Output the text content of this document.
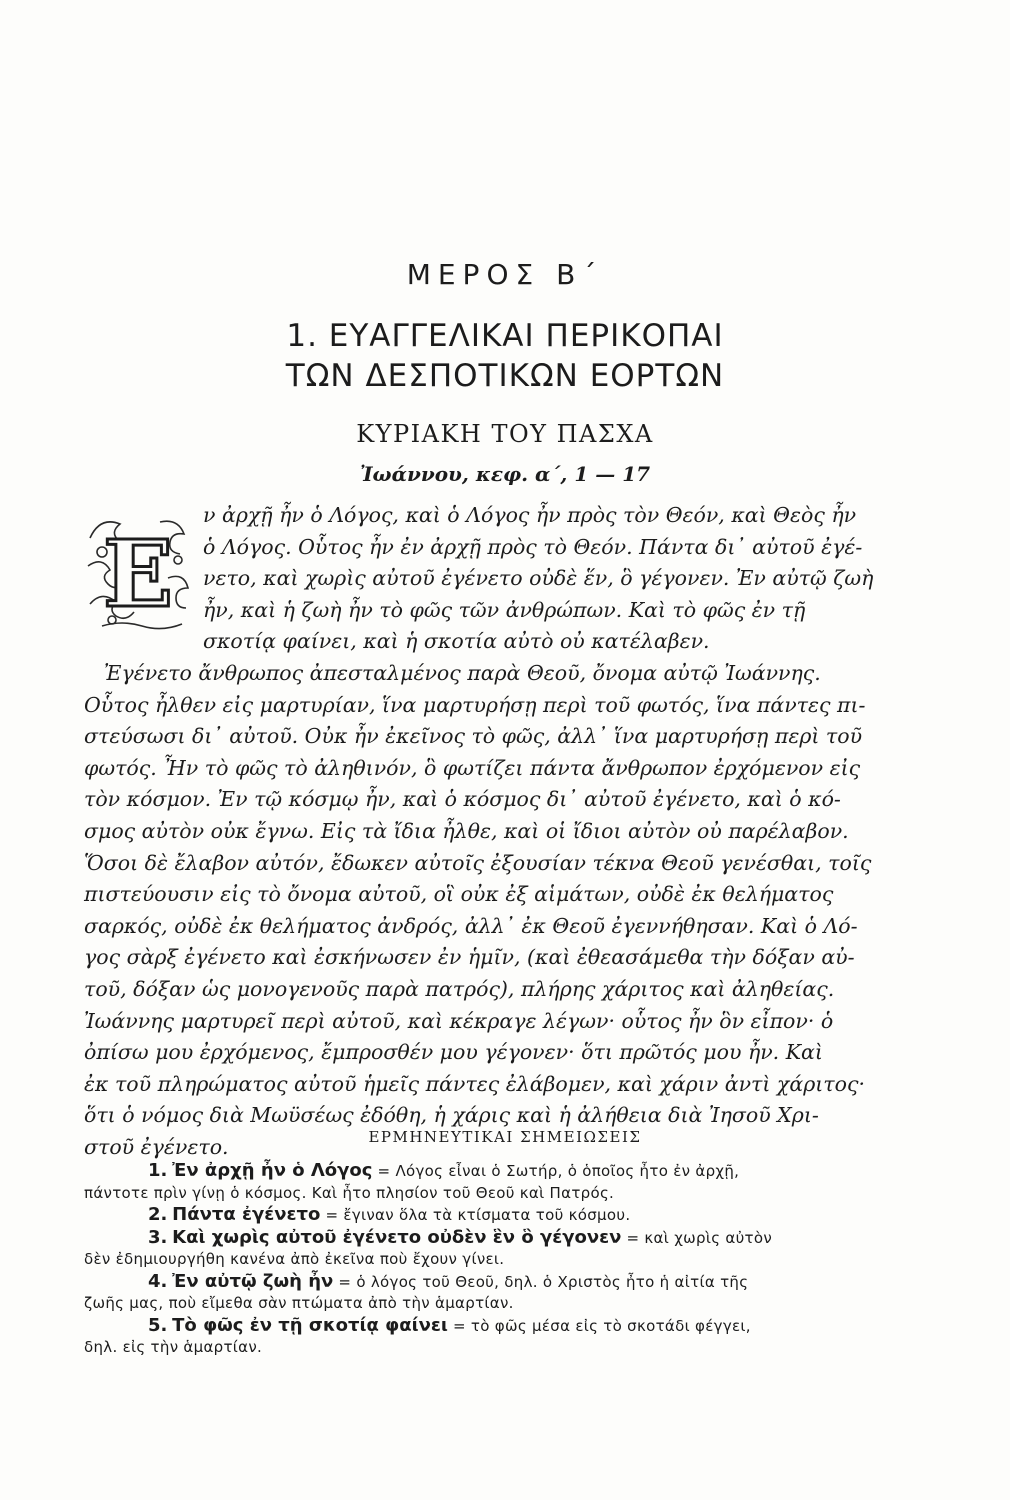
ΜΕΡΟΣ Β΄
1. ΕΥΑΓΓΕΛΙΚΑΙ ΠΕΡΙΚΟΠΑΙ
ΤΩΝ ΔΕΣΠΟΤΙΚΩΝ ΕΟΡΤΩΝ
ΚΥΡΙΑΚΗ ΤΟΥ ΠΑΣΧΑ
Ἰωάννου, κεφ. α΄, 1 — 17
Ε
ν ἀρχῇ ἦν ὁ Λόγος, καὶ ὁ Λόγος ἦν πρὸς τὸν Θεόν, καὶ Θεὸς ἦν
ὁ Λόγος. Οὗτος ἦν ἐν ἀρχῇ πρὸς τὸ Θεόν. Πάντα δι᾿ αὐτοῦ ἐγέ-
νετο, καὶ χωρὶς αὐτοῦ ἐγένετο οὐδὲ ἕν, ὃ γέγονεν. Ἐν αὐτῷ ζωὴ
ἦν, καὶ ἡ ζωὴ ἦν τὸ φῶς τῶν ἀνθρώπων. Καὶ τὸ φῶς ἐν τῇ
σκοτίᾳ φαίνει, καὶ ἡ σκοτία αὐτὸ οὐ κατέλαβεν.
Ἐγένετο ἄνθρωπος ἀπεσταλμένος παρὰ Θεοῦ, ὄνομα αὐτῷ Ἰωάννης.
Οὗτος ἦλθεν εἰς μαρτυρίαν, ἵνα μαρτυρήσῃ περὶ τοῦ φωτός, ἵνα πάντες πι-
στεύσωσι δι᾿ αὐτοῦ. Οὐκ ἦν ἐκεῖνος τὸ φῶς, ἀλλ᾿ ἵνα μαρτυρήσῃ περὶ τοῦ
φωτός. Ἦν τὸ φῶς τὸ ἀληθινόν, ὃ φωτίζει πάντα ἄνθρωπον ἐρχόμενον εἰς
τὸν κόσμον. Ἐν τῷ κόσμῳ ἦν, καὶ ὁ κόσμος δι᾿ αὐτοῦ ἐγένετο, καὶ ὁ κό-
σμος αὐτὸν οὐκ ἔγνω. Εἰς τὰ ἴδια ἦλθε, καὶ οἱ ἴδιοι αὐτὸν οὐ παρέλαβον.
Ὅσοι δὲ ἔλαβον αὐτόν, ἔδωκεν αὐτοῖς ἐξουσίαν τέκνα Θεοῦ γενέσθαι, τοῖς
πιστεύουσιν εἰς τὸ ὄνομα αὐτοῦ, οἳ οὐκ ἐξ αἱμάτων, οὐδὲ ἐκ θελήματος
σαρκός, οὐδὲ ἐκ θελήματος ἀνδρός, ἀλλ᾿ ἐκ Θεοῦ ἐγεννήθησαν. Καὶ ὁ Λό-
γος σὰρξ ἐγένετο καὶ ἐσκήνωσεν ἐν ἡμῖν, (καὶ ἐθεασάμεθα τὴν δόξαν αὐ-
τοῦ, δόξαν ὡς μονογενοῦς παρὰ πατρός), πλήρης χάριτος καὶ ἀληθείας.
Ἰωάννης μαρτυρεῖ περὶ αὐτοῦ, καὶ κέκραγε λέγων· οὗτος ἦν ὃν εἶπον· ὁ
ὀπίσω μου ἐρχόμενος, ἔμπροσθέν μου γέγονεν· ὅτι πρῶτός μου ἦν. Καὶ
ἐκ τοῦ πληρώματος αὐτοῦ ἡμεῖς πάντες ἐλάβομεν, καὶ χάριν ἀντὶ χάριτος·
ὅτι ὁ νόμος διὰ Μωϋσέως ἐδόθη, ἡ χάρις καὶ ἡ ἀλήθεια διὰ Ἰησοῦ Χρι-
στοῦ ἐγένετο.	ΕΡΜΗΝΕΥΤΙΚΑΙ ΣΗΜΕΙΩΣΕΙΣ
1. Ἐν ἀρχῇ ἦν ὁ Λόγος = Λόγος εἶναι ὁ Σωτήρ, ὁ ὁποῖος ἦτο ἐν ἀρχῇ,
πάντοτε πρὶν γίνῃ ὁ κόσμος. Καὶ ἦτο πλησίον τοῦ Θεοῦ καὶ Πατρός.
2. Πάντα ἐγένετο = ἔγιναν ὅλα τὰ κτίσματα τοῦ κόσμου.
3. Καὶ χωρὶς αὐτοῦ ἐγένετο οὐδὲν ἓν ὃ γέγονεν = καὶ χωρὶς αὐτὸν
δὲν ἐδημιουργήθη κανένα ἀπὸ ἐκεῖνα ποὺ ἔχουν γίνει.
4. Ἐν αὐτῷ ζωὴ ἦν = ὁ λόγος τοῦ Θεοῦ, δηλ. ὁ Χριστὸς ἦτο ἡ αἰτία τῆς
ζωῆς μας, ποὺ εἴμεθα σὰν πτώματα ἀπὸ τὴν ἁμαρτίαν.
5. Τὸ φῶς ἐν τῇ σκοτίᾳ φαίνει = τὸ φῶς μέσα εἰς τὸ σκοτάδι φέγγει,
δηλ. εἰς τὴν ἁμαρτίαν.
